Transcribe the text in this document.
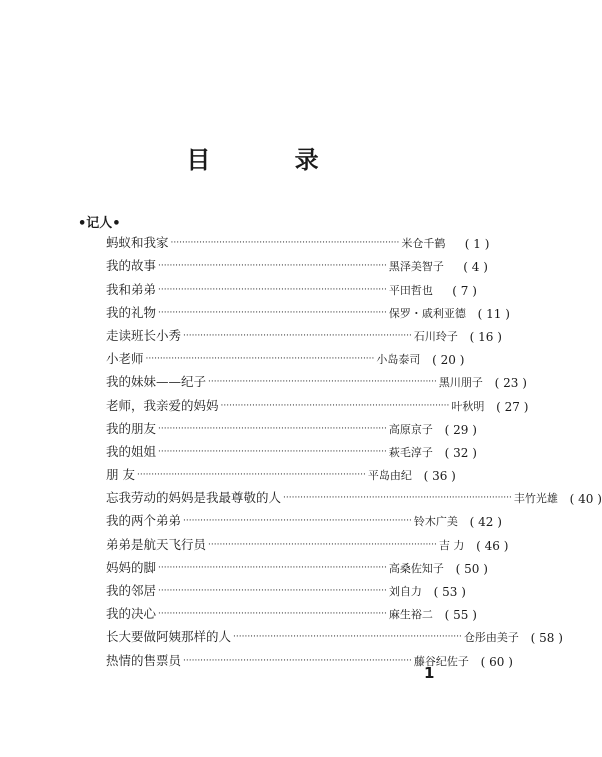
目 录
•记人•
蚂蚁和我家 ················································································ 米仓千鹤	( 1 )
我的故事 ················································································ 黑泽美智子	( 4 )
我和弟弟 ················································································ 平田哲也	( 7 )
我的礼物 ················································································ 保罗・戚利亚德 ( 11 )
走读班长小秀 ················································································ 石川玲子 ( 16 )
小老师 ················································································ 小岛泰司 ( 20 )
我的妹妹——纪子 ················································································ 黑川朋子 ( 23 )
老师，我亲爱的妈妈 ················································································ 叶秋明 ( 27 )
我的朋友 ················································································ 高原京子 ( 29 )
我的姐姐 ················································································ 萩毛淳子 ( 32 )
朋 友 ················································································ 平岛由纪 ( 36 )
忘我劳动的妈妈是我最尊敬的人 ················································································ 丰竹光雄 ( 40 )
我的两个弟弟 ················································································ 铃木广美 ( 42 )
弟弟是航天飞行员 ················································································ 吉 力 ( 46 )
妈妈的脚 ················································································ 高桑佐知子 ( 50 )
我的邻居 ················································································ 刘自力 ( 53 )
我的决心 ················································································ 麻生裕二 ( 55 )
长大要做阿姨那样的人 ················································································ 仓彤由美子 ( 58 )
热情的售票员 ················································································ 藤谷纪佐子 ( 60 )
1
